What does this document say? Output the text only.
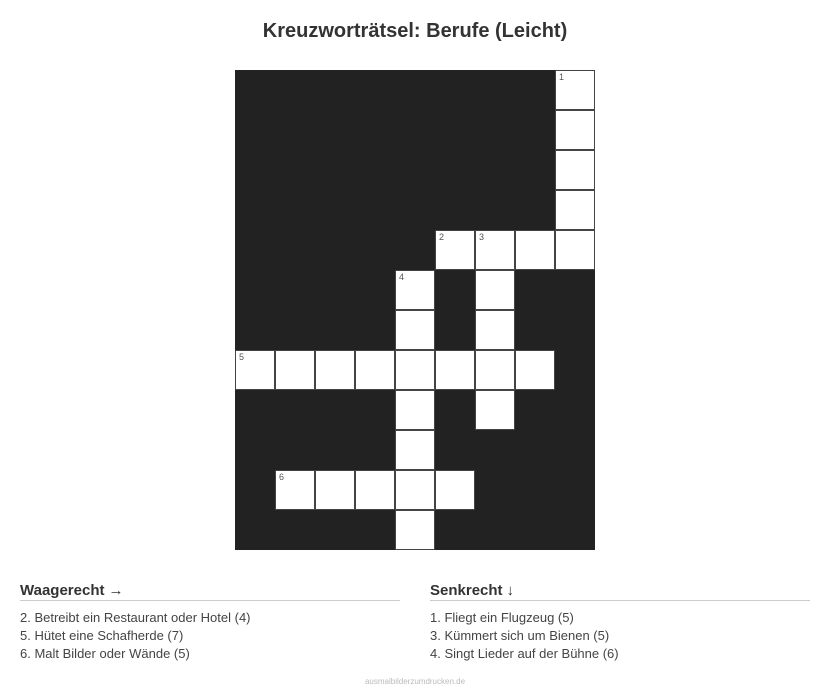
Kreuzworträtsel: Berufe (Leicht)
1
2	3
4
5
6
Waagerecht →
2. Betreibt ein Restaurant oder Hotel (4)
5. Hütet eine Schafherde (7)
6. Malt Bilder oder Wände (5)
Senkrecht ↓
1. Fliegt ein Flugzeug (5)
3. Kümmert sich um Bienen (5)
4. Singt Lieder auf der Bühne (6)
ausmalbilderzumdrucken.de
